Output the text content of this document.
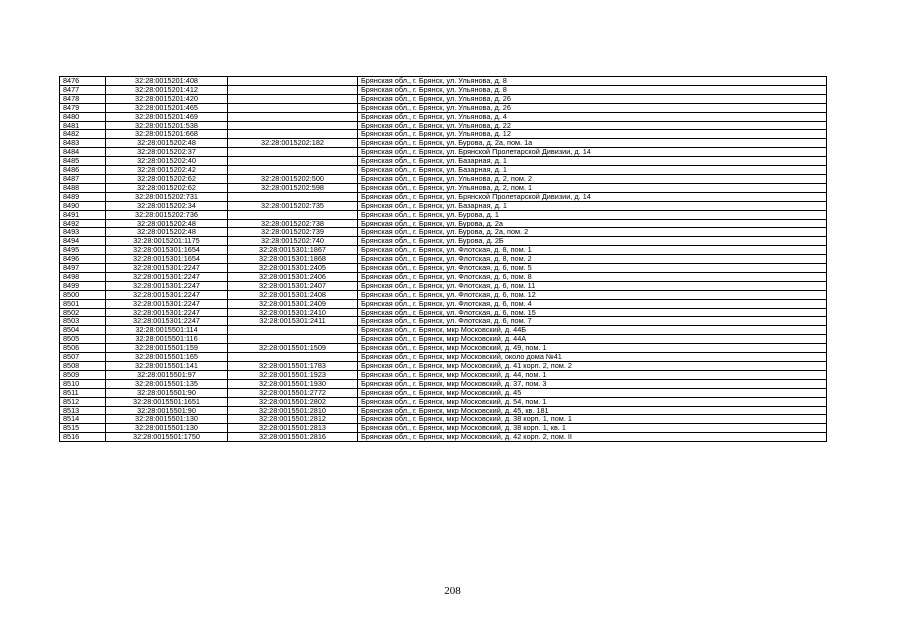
8476	32:28:0015201:408		Брянская обл., г. Брянск, ул. Ульянова, д. 8
8477	32:28:0015201:412		Брянская обл., г. Брянск, ул. Ульянова, д. 8
8478	32:28:0015201:420		Брянская обл., г. Брянск, ул. Ульянова, д. 26
8479	32:28:0015201:465		Брянская обл., г. Брянск, ул. Ульянова, д. 26
8480	32:28:0015201:469		Брянская обл., г. Брянск, ул. Ульянова, д. 4
8481	32:28:0015201:538		Брянская обл., г. Брянск, ул. Ульянова, д. 22
8482	32:28:0015201:668		Брянская обл., г. Брянск, ул. Ульянова, д. 12
8483	32:28:0015202:48	32:28:0015202:182	Брянская обл., г. Брянск, ул. Бурова, д. 2а, пом. 1а
8484	32:28:0015202:37		Брянская обл., г. Брянск, ул. Брянской Пролетарской Дивизии, д. 14
8485	32:28:0015202:40		Брянская обл., г. Брянск, ул. Базарная, д. 1
8486	32:28:0015202:42		Брянская обл., г. Брянск, ул. Базарная, д. 1
8487	32:28:0015202:62	32:28:0015202:500	Брянская обл., г. Брянск, ул. Ульянова, д. 2, пом. 2
8488	32:28:0015202:62	32:28:0015202:598	Брянская обл., г. Брянск, ул. Ульянова, д. 2, пом. 1
8489	32:28:0015202:731		Брянская обл., г. Брянск, ул. Брянской Пролетарской Дивизии, д. 14
8490	32:28:0015202:34	32:28:0015202:735	Брянская обл., г. Брянск, ул. Базарная, д. 1
8491	32:28:0015202:736		Брянская обл., г. Брянск, ул. Бурова, д. 1
8492	32:28:0015202:48	32:28:0015202:738	Брянская обл., г. Брянск, ул. Бурова, д. 2а
8493	32:28:0015202:48	32:28:0015202:739	Брянская обл., г. Брянск, ул. Бурова, д. 2а, пом. 2
8494	32:28:0015201:1175	32:28:0015202:740	Брянская обл., г. Брянск, ул. Бурова, д. 2Б
8495	32:28:0015301:1654	32:28:0015301:1867	Брянская обл., г. Брянск, ул. Флотская, д. 8, пом. 1
8496	32:28:0015301:1654	32:28:0015301:1868	Брянская обл., г. Брянск, ул. Флотская, д. 8, пом. 2
8497	32:28:0015301:2247	32:28:0015301:2405	Брянская обл., г. Брянск, ул. Флотская, д. 6, пом. 5
8498	32:28:0015301:2247	32:28:0015301:2406	Брянская обл., г. Брянск, ул. Флотская, д. 6, пом. 8
8499	32:28:0015301:2247	32:28:0015301:2407	Брянская обл., г. Брянск, ул. Флотская, д. 6, пом. 11
8500	32:28:0015301:2247	32:28:0015301:2408	Брянская обл., г. Брянск, ул. Флотская, д. 6, пом. 12
8501	32:28:0015301:2247	32:28:0015301:2409	Брянская обл., г. Брянск, ул. Флотская, д. 6, пом. 4
8502	32:28:0015301:2247	32:28:0015301:2410	Брянская обл., г. Брянск, ул. Флотская, д. 6, пом. 15
8503	32:28:0015301:2247	32:28:0015301:2411	Брянская обл., г. Брянск, ул. Флотская, д. 6, пом. 7
8504	32:28:0015501:114		Брянская обл., г. Брянск, мкр Московский, д. 44Б
8505	32:28:0015501:116		Брянская обл., г. Брянск, мкр Московский, д. 44А
8506	32:28:0015501:159	32:28:0015501:1509	Брянская обл., г. Брянск, мкр Московский, д. 49, пом. 1
8507	32:28:0015501:165		Брянская обл., г. Брянск, мкр Московский, около дома №41
8508	32:28:0015501:141	32:28:0015501:1783	Брянская обл., г. Брянск, мкр Московский, д. 41 корп. 2, пом. 2
8509	32:28:0015501:97	32:28:0015501:1923	Брянская обл., г. Брянск, мкр Московский, д. 44, пом. 1
8510	32:28:0015501:135	32:28:0015501:1930	Брянская обл., г. Брянск, мкр Московский, д. 37, пом. 3
8511	32:28:0015501:90	32:28:0015501:2772	Брянская обл., г. Брянск, мкр Московский, д. 45
8512	32:28:0015501:1651	32:28:0015501:2802	Брянская обл., г. Брянск, мкр Московский, д. 54, пом. 1
8513	32:28:0015501:90	32:28:0015501:2810	Брянская обл., г. Брянск, мкр Московский, д. 45, кв. 181
8514	32:28:0015501:130	32:28:0015501:2812	Брянская обл., г. Брянск, мкр Московский, д. 38 корп. 1, пом. 1
8515	32:28:0015501:130	32:28:0015501:2813	Брянская обл., г. Брянск, мкр Московский, д. 38 корп. 1, кв. 1
8516	32:28:0015501:1750	32:28:0015501:2816	Брянская обл., г. Брянск, мкр Московский, д. 42 корп. 2, пом. II
208
